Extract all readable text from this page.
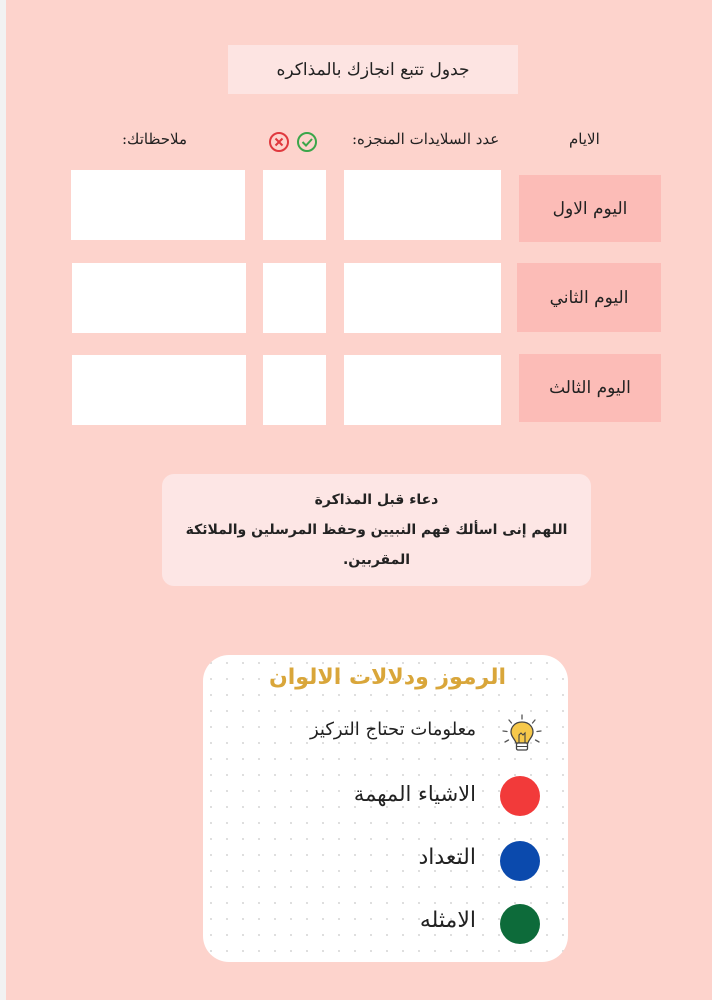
جدول تتبع انجازك بالمذاكره
الايام
عدد السلايدات المنجزه:
ملاحظاتك:
اليوم الاول
اليوم الثاني
اليوم الثالث

دعاء قبل المذاكرة

اللهم إنى اسألك فهم النبيين وحفظ المرسلين والملائكة

المقربين.

الرموز ودلالات الالوان
معلومات تحتاج التركيز
الاشياء المهمة
التعداد
الامثله
